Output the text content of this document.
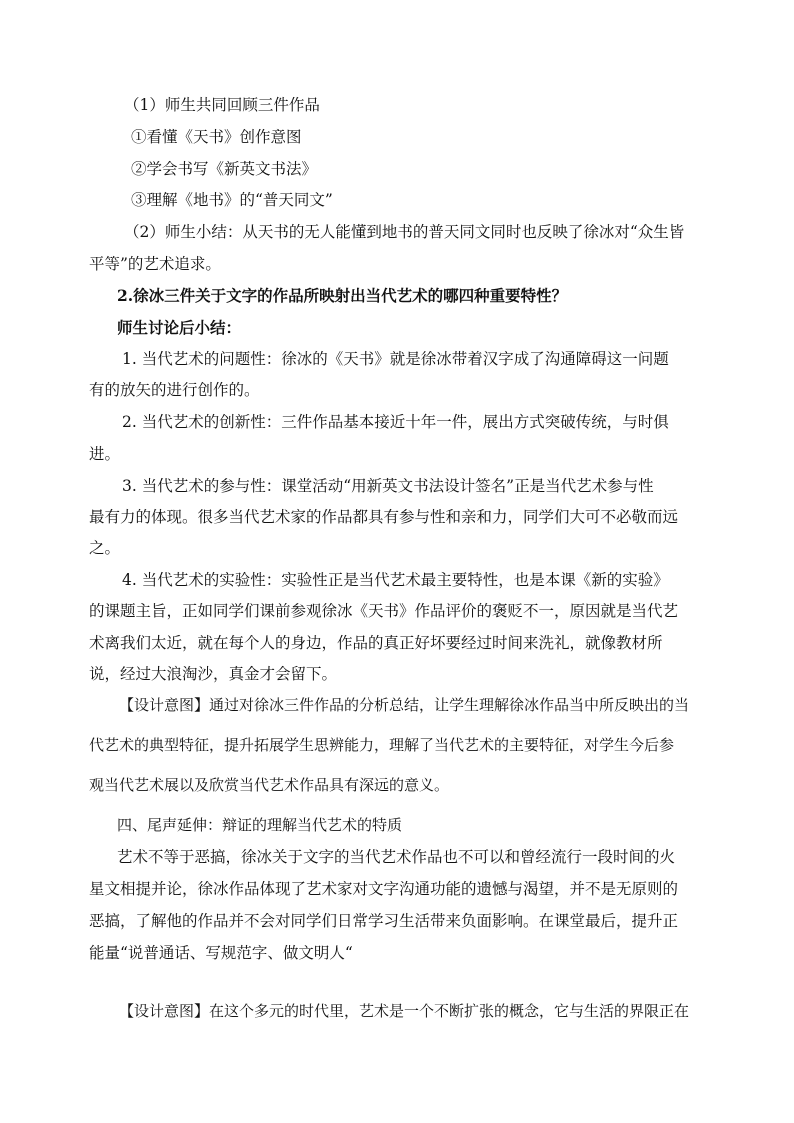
（1）师生共同回顾三件作品
①看懂《天书》创作意图
②学会书写《新英文书法》
③理解《地书》的“普天同文”
（2）师生小结：从天书的无人能懂到地书的普天同文同时也反映了徐冰对“众生皆
平等”的艺术追求。
2.徐冰三件关于文字的作品所映射出当代艺术的哪四种重要特性？
师生讨论后小结：
1. 当代艺术的问题性：徐冰的《天书》就是徐冰带着汉字成了沟通障碍这一问题
有的放矢的进行创作的。
2. 当代艺术的创新性：三件作品基本接近十年一件，展出方式突破传统，与时俱
进。
3. 当代艺术的参与性：课堂活动“用新英文书法设计签名”正是当代艺术参与性
最有力的体现。很多当代艺术家的作品都具有参与性和亲和力，同学们大可不必敬而远
之。
4. 当代艺术的实验性：实验性正是当代艺术最主要特性，也是本课《新的实验》
的课题主旨，正如同学们课前参观徐冰《天书》作品评价的褒贬不一，原因就是当代艺
术离我们太近，就在每个人的身边，作品的真正好坏要经过时间来洗礼，就像教材所
说，经过大浪淘沙，真金才会留下。
【设计意图】通过对徐冰三件作品的分析总结，让学生理解徐冰作品当中所反映出的当
代艺术的典型特征，提升拓展学生思辨能力，理解了当代艺术的主要特征，对学生今后参
观当代艺术展以及欣赏当代艺术作品具有深远的意义。
四、尾声延伸：辩证的理解当代艺术的特质
艺术不等于恶搞，徐冰关于文字的当代艺术作品也不可以和曾经流行一段时间的火
星文相提并论，徐冰作品体现了艺术家对文字沟通功能的遗憾与渴望，并不是无原则的
恶搞，了解他的作品并不会对同学们日常学习生活带来负面影响。在课堂最后，提升正
能量“说普通话、写规范字、做文明人“
【设计意图】在这个多元的时代里，艺术是一个不断扩张的概念，它与生活的界限正在
